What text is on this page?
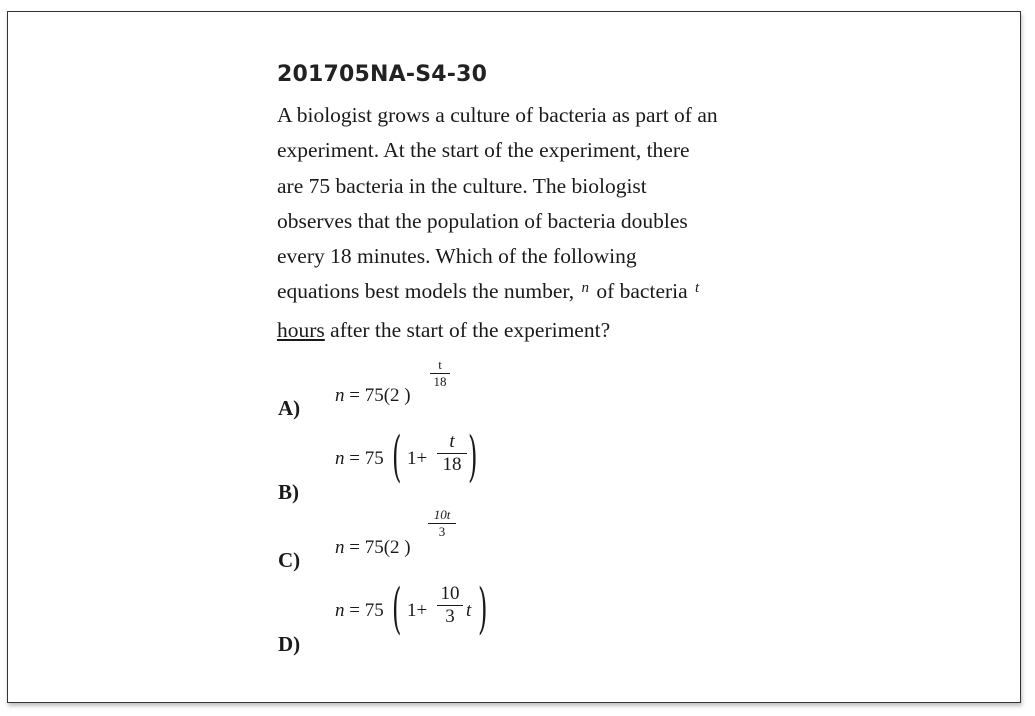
201705NA-S4-30
A biologist grows a culture of bacteria as part of an
experiment. At the start of the experiment, there
are 75 bacteria in the culture. The biologist
observes that the population of bacteria doubles
every 18 minutes. Which of the following
equations best models the number, $^n$ of bacteria $^t$
hours after the start of the experiment?
A)
n = 75(2 )
t
18
B)
n = 75 ( 1+
t
18 )
C)
n = 75(2 )
10t
3
D)
n = 75 ( 1+
10
3 t )
